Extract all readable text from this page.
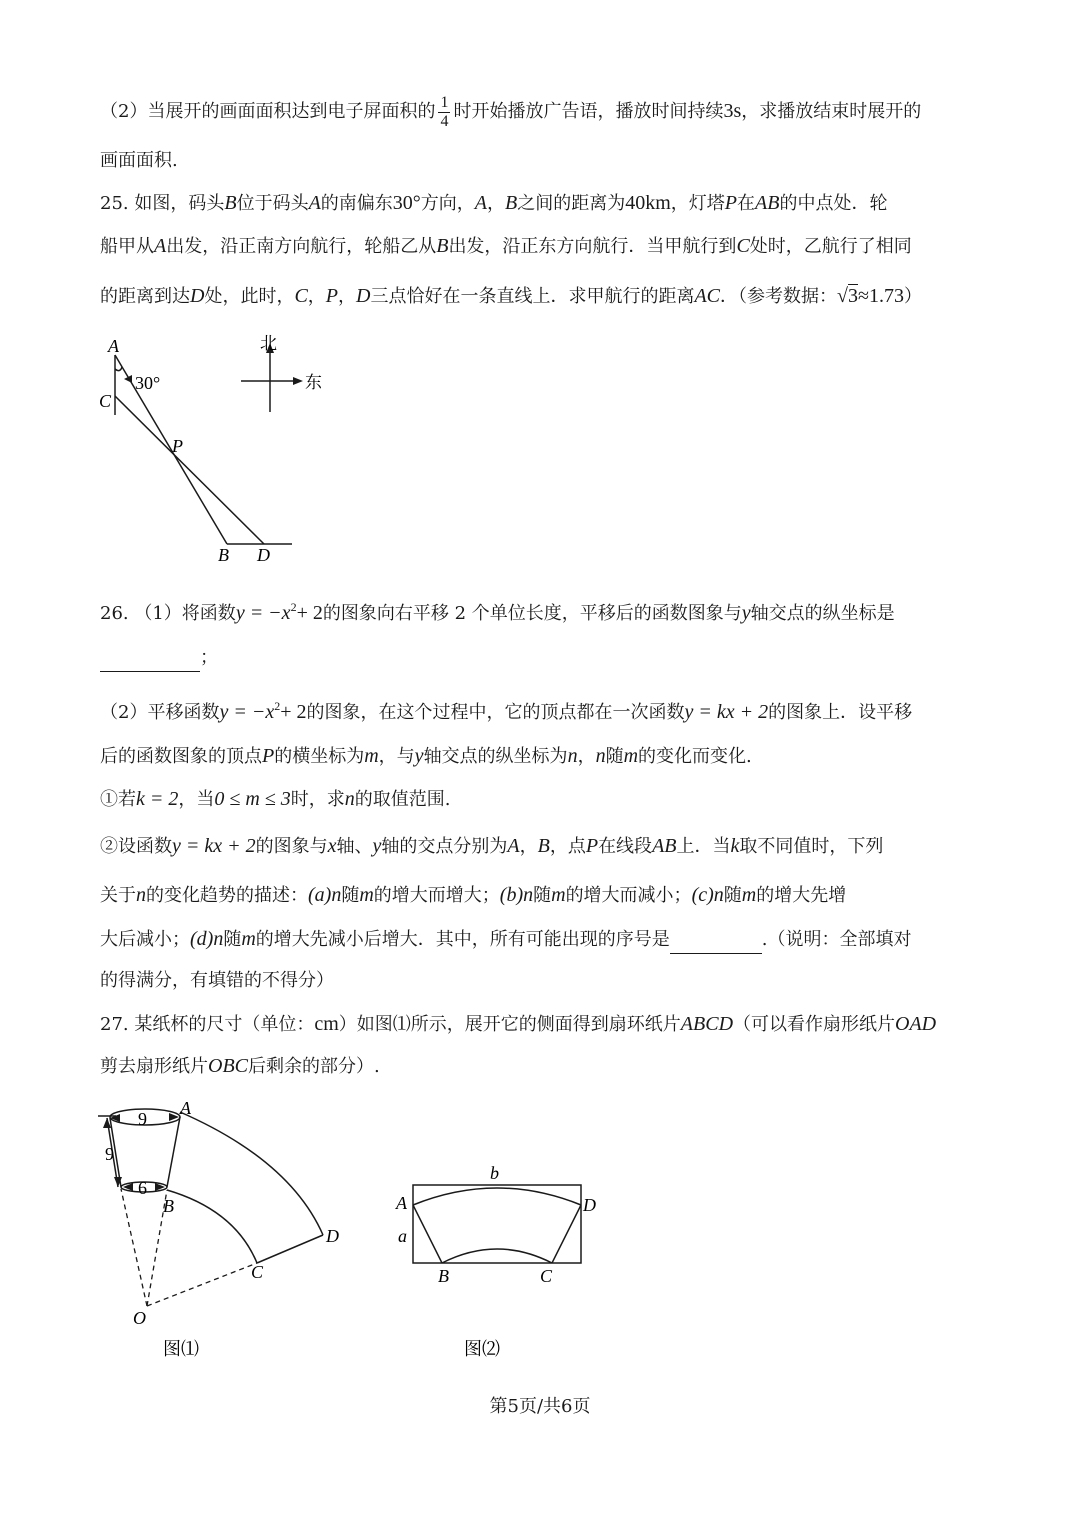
（2）当展开的画面面积达到电子屏面积的 $\frac{1}{4}$ 时开始播放广告语，播放时间持续3s，求播放结束时展开的
画面面积.
25. 如图，码头B位于码头A的南偏东30°方向，A，B之间的距离为40km，灯塔P在AB的中点处．轮
船甲从A出发，沿正南方向航行，轮船乙从B出发，沿正东方向航行．当甲航行到C处时，乙航行了相同
的距离到达D处，此时，C，P，D三点恰好在一条直线上．求甲航行的距离AC．（参考数据：√3≈1.73）
A
30°
C
P
B D
北
东
26. （1）将函数$y = -x^2+ 2$的图象向右平移 2 个单位长度，平移后的函数图象与y轴交点的纵坐标是
；
（2）平移函数$y = -x^2+ 2$的图象，在这个过程中，它的顶点都在一次函数y = kx + 2的图象上．设平移
后的函数图象的顶点P的横坐标为m，与y轴交点的纵坐标为n，n随m的变化而变化.
①若k = 2，当0 ≤ m ≤ 3时，求n的取值范围.
②设函数y = kx + 2的图象与x轴、y轴的交点分别为A，B，点P在线段AB上．当k取不同值时，下列
关于n的变化趋势的描述：(a)n随m的增大而增大；(b)n随m的增大而减小；(c)n随m的增大先增
大后减小；(d)n随m的增大先减小后增大．其中，所有可能出现的序号是	.（说明：全部填对
的得满分，有填错的不得分）
27. 某纸杯的尺寸（单位：cm）如图⑴所示，展开它的侧面得到扇环纸片ABCD（可以看作扇形纸片OAD
剪去扇形纸片OBC后剩余的部分）.
9
9
6
A
B
C
D
O
图⑴
b
a
A	D
B	C
图⑵
第5页/共6页
